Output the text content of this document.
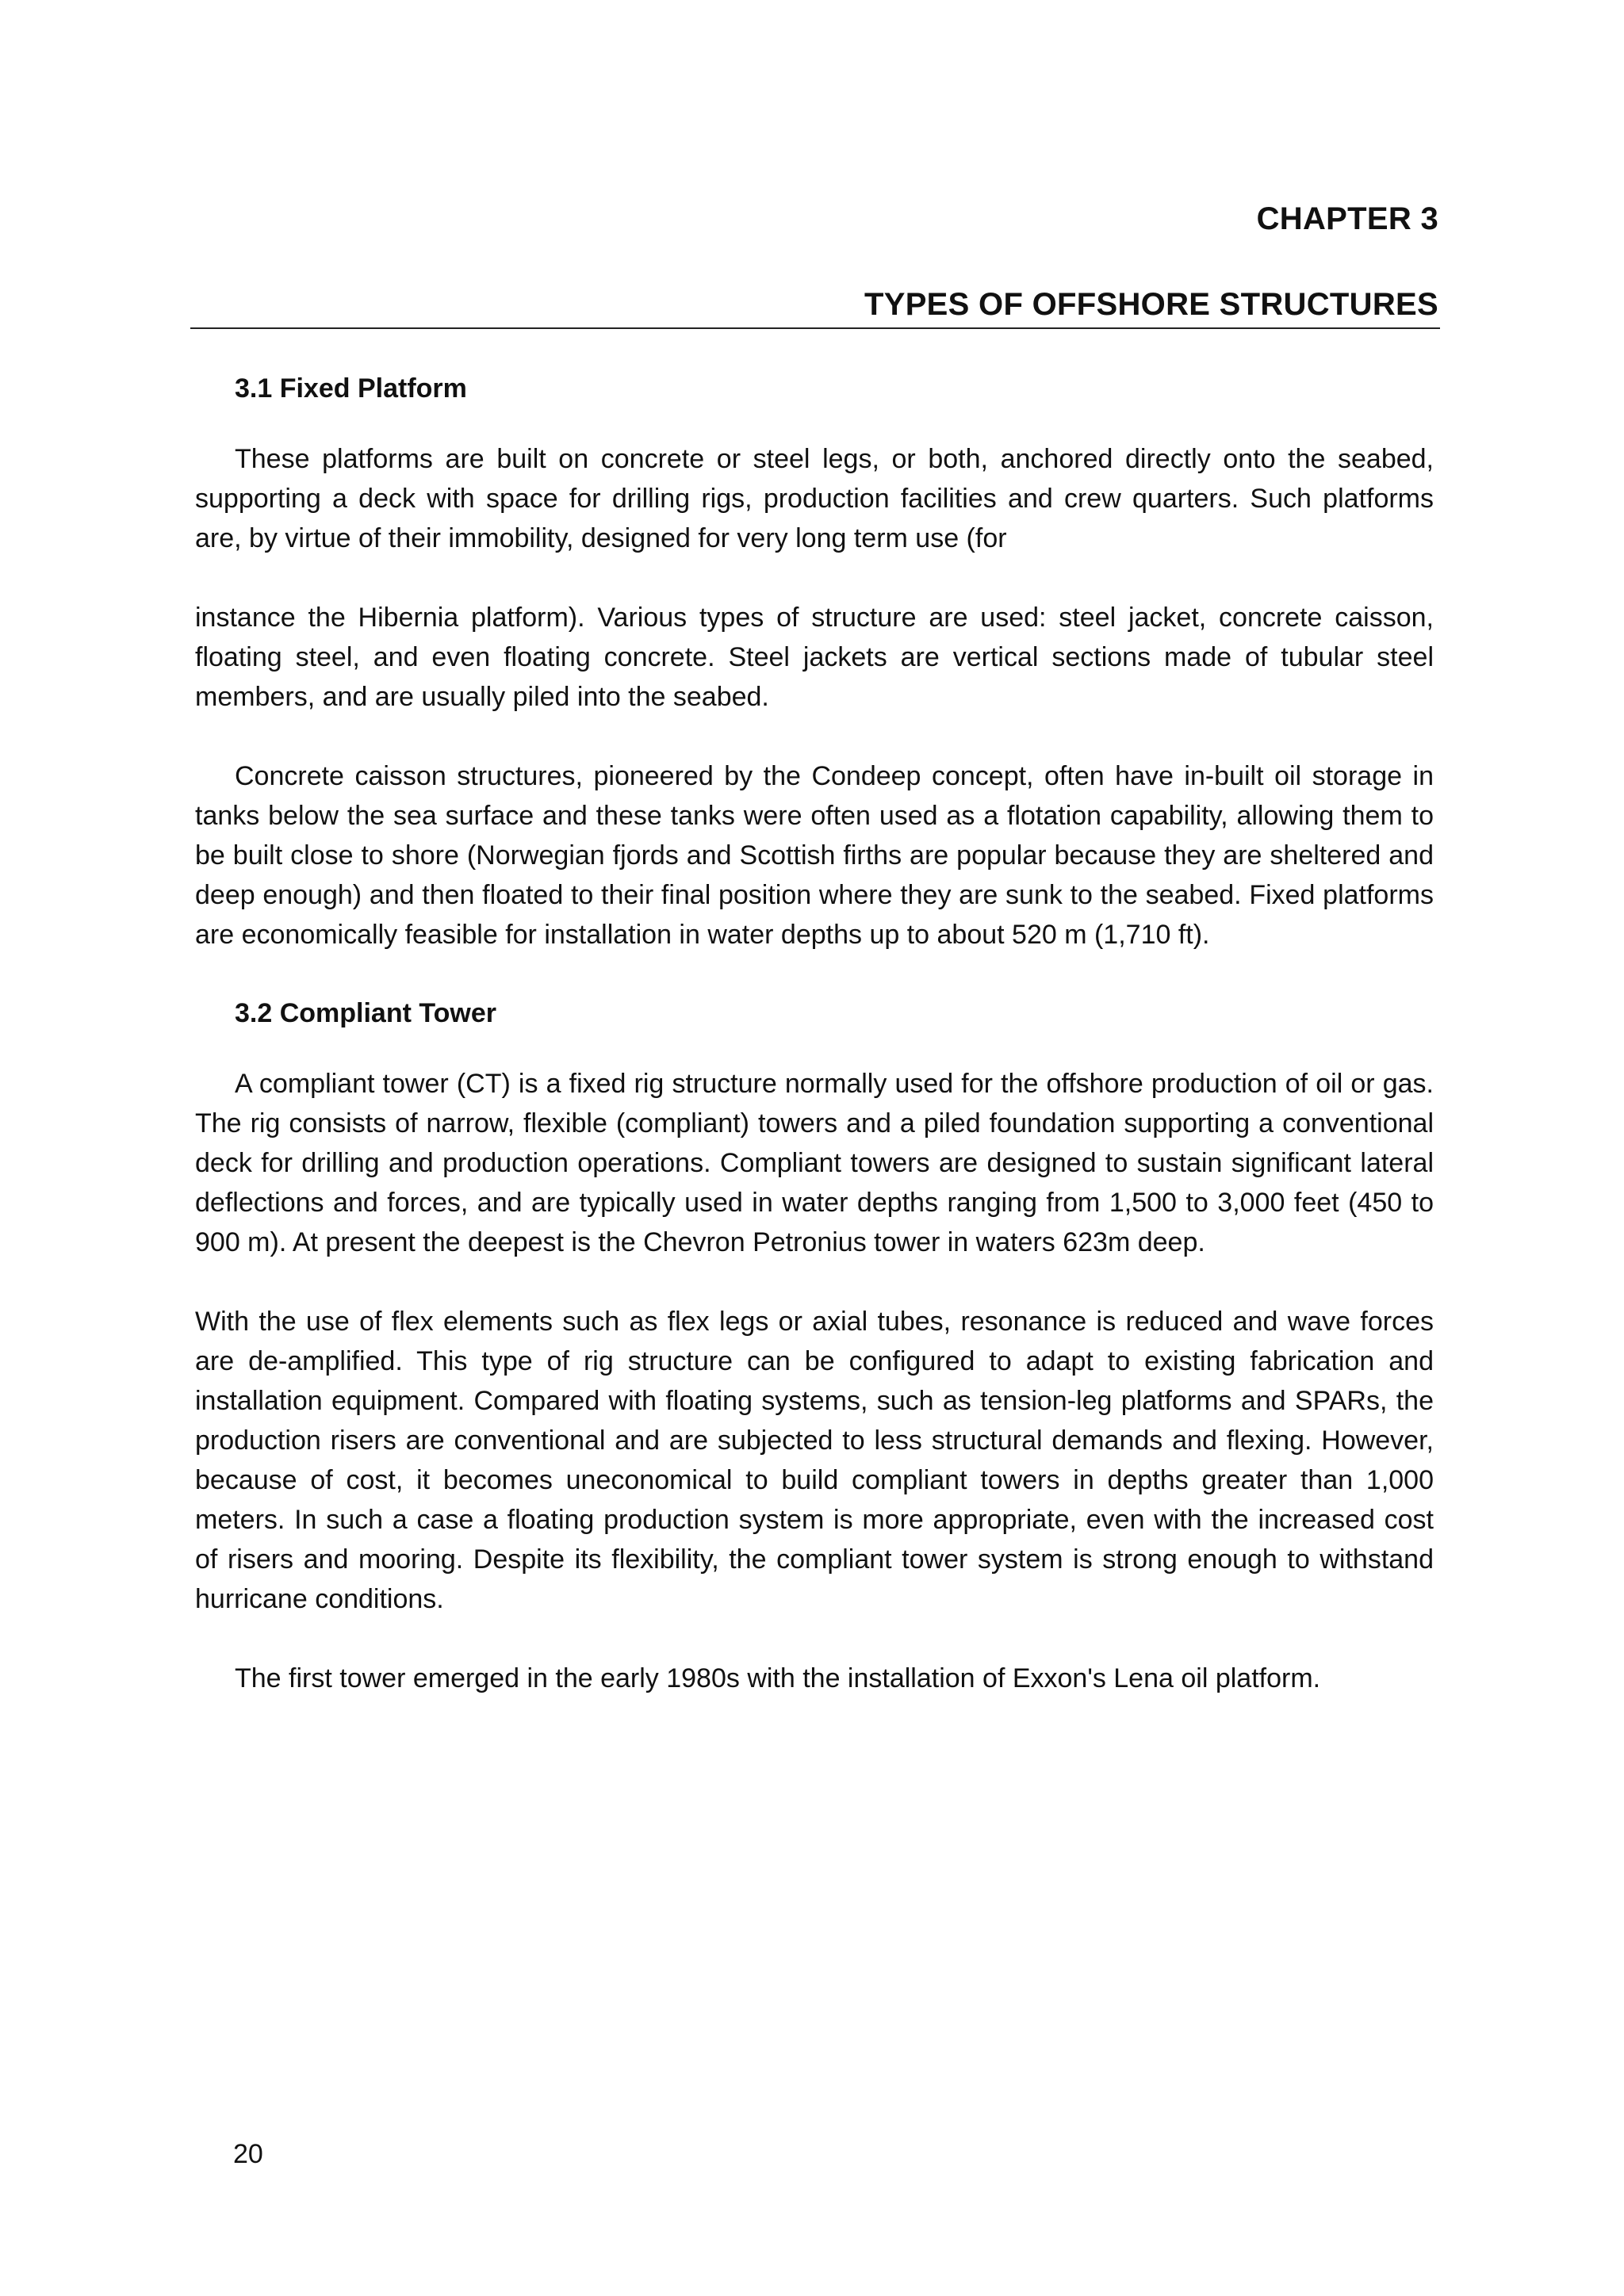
CHAPTER 3
TYPES OF OFFSHORE STRUCTURES
3.1 Fixed Platform

These platforms are built on concrete or steel legs, or both, anchored directly onto the seabed, supporting a deck with space for drilling rigs, production facilities and crew quarters. Such platforms are, by virtue of their immobility, designed for very long term use (for

instance the Hibernia platform). Various types of structure are used: steel jacket, concrete caisson, floating steel, and even floating concrete. Steel jackets are vertical sections made of tubular steel members, and are usually piled into the seabed.

Concrete caisson structures, pioneered by the Condeep concept, often have in-built oil storage in tanks below the sea surface and these tanks were often used as a flotation capability, allowing them to be built close to shore (Norwegian fjords and Scottish firths are popular because they are sheltered and deep enough) and then floated to their final position where they are sunk to the seabed. Fixed platforms are economically feasible for installation in water depths up to about 520 m (1,710 ft).

3.2 Compliant Tower

A compliant tower (CT) is a fixed rig structure normally used for the offshore production of oil or gas. The rig consists of narrow, flexible (compliant) towers and a piled foundation supporting a conventional deck for drilling and production operations. Compliant towers are designed to sustain significant lateral deflections and forces, and are typically used in water depths ranging from 1,500 to 3,000 feet (450 to 900 m). At present the deepest is the Chevron Petronius tower in waters 623m deep.

With the use of flex elements such as flex legs or axial tubes, resonance is reduced and wave forces are de-amplified. This type of rig structure can be configured to adapt to existing fabrication and installation equipment. Compared with floating systems, such as tension-leg platforms and SPARs, the production risers are conventional and are subjected to less structural demands and flexing. However, because of cost, it becomes uneconomical to build compliant towers in depths greater than 1,000 meters. In such a case a floating production system is more appropriate, even with the increased cost of risers and mooring. Despite its flexibility, the compliant tower system is strong enough to withstand hurricane conditions.

The first tower emerged in the early 1980s with the installation of Exxon's Lena oil platform.

20
